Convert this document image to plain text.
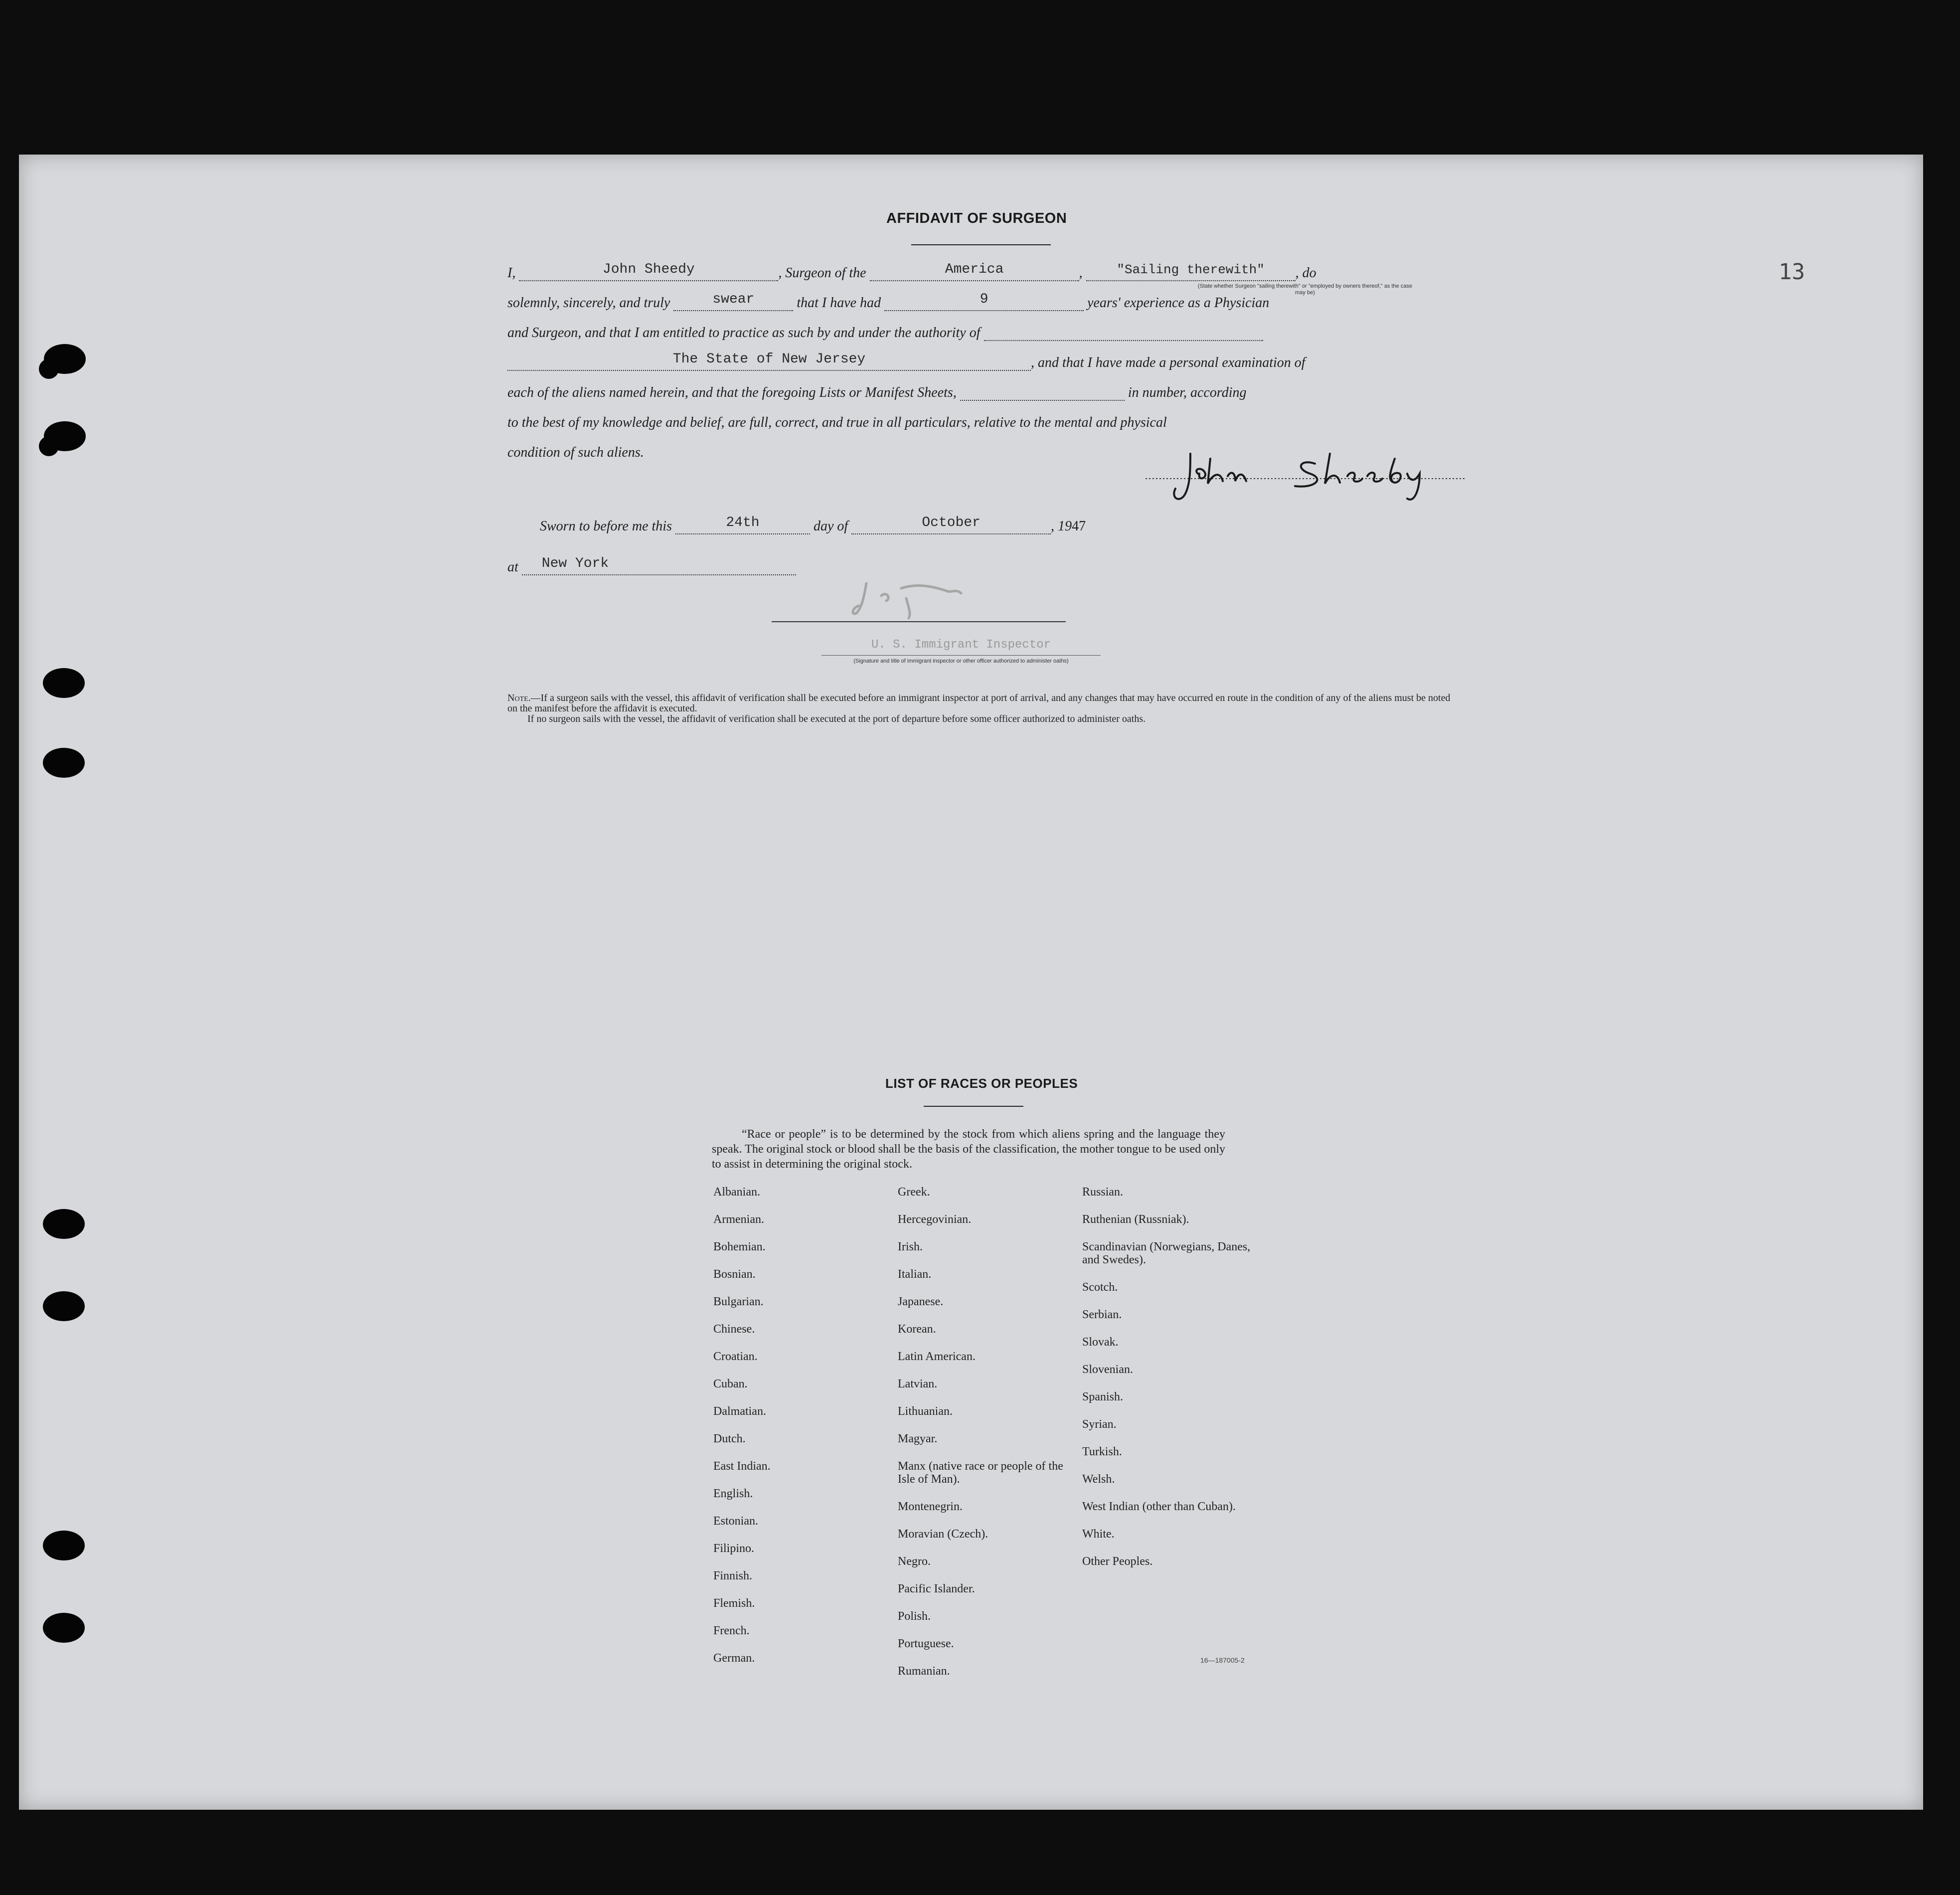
13
AFFIDAVIT OF SURGEON
I,	John Sheedy	, Surgeon of the	America	,	"Sailing therewith"	, do
(State whether Surgeon "sailing therewith" or "employed by owners thereof," as the case may be)
solemnly, sincerely, and truly	swear	that I have had	9	years' experience as a Physician
and Surgeon, and that I am entitled to practice as such by and under the authority of
The State of New Jersey	, and that I have made a personal examination of
each of the aliens named herein, and that the foregoing Lists or Manifest Sheets,	in number, according
to the best of my knowledge and belief, are full, correct, and true in all particulars, relative to the mental and physical
condition of such aliens.
Sworn to before me this	24th	day of	October	, 1947
at New York
U. S. Immigrant Inspector
(Signature and title of immigrant inspector or other officer authorized to administer oaths)
Note.—If a surgeon sails with the vessel, this affidavit of verification shall be executed before an immigrant inspector at port of arrival, and any changes that may have occurred en route in the condition of any of the aliens must be noted on the manifest before the affidavit is executed.
If no surgeon sails with the vessel, the affidavit of verification shall be executed at the port of departure before some officer authorized to administer oaths.
LIST OF RACES OR PEOPLES
“Race or people” is to be determined by the stock from which aliens spring and the language they speak. The original stock or blood shall be the basis of the classification, the mother tongue to be used only to assist in determining the original stock.
Albanian.
Armenian.
Bohemian.
Bosnian.
Bulgarian.
Chinese.
Croatian.
Cuban.
Dalmatian.
Dutch.
East Indian.
English.
Estonian.
Filipino.
Finnish.
Flemish.
French.
German.
Greek.
Hercegovinian.
Irish.
Italian.
Japanese.
Korean.
Latin American.
Latvian.
Lithuanian.
Magyar.
Manx (native race or people of the Isle of Man).
Montenegrin.
Moravian (Czech).
Negro.
Pacific Islander.
Polish.
Portuguese.
Rumanian.
Russian.
Ruthenian (Russniak).
Scandinavian (Norwegians, Danes, and Swedes).
Scotch.
Serbian.
Slovak.
Slovenian.
Spanish.
Syrian.
Turkish.
Welsh.
West Indian (other than Cuban).
White.
Other Peoples.
16—187005-2
